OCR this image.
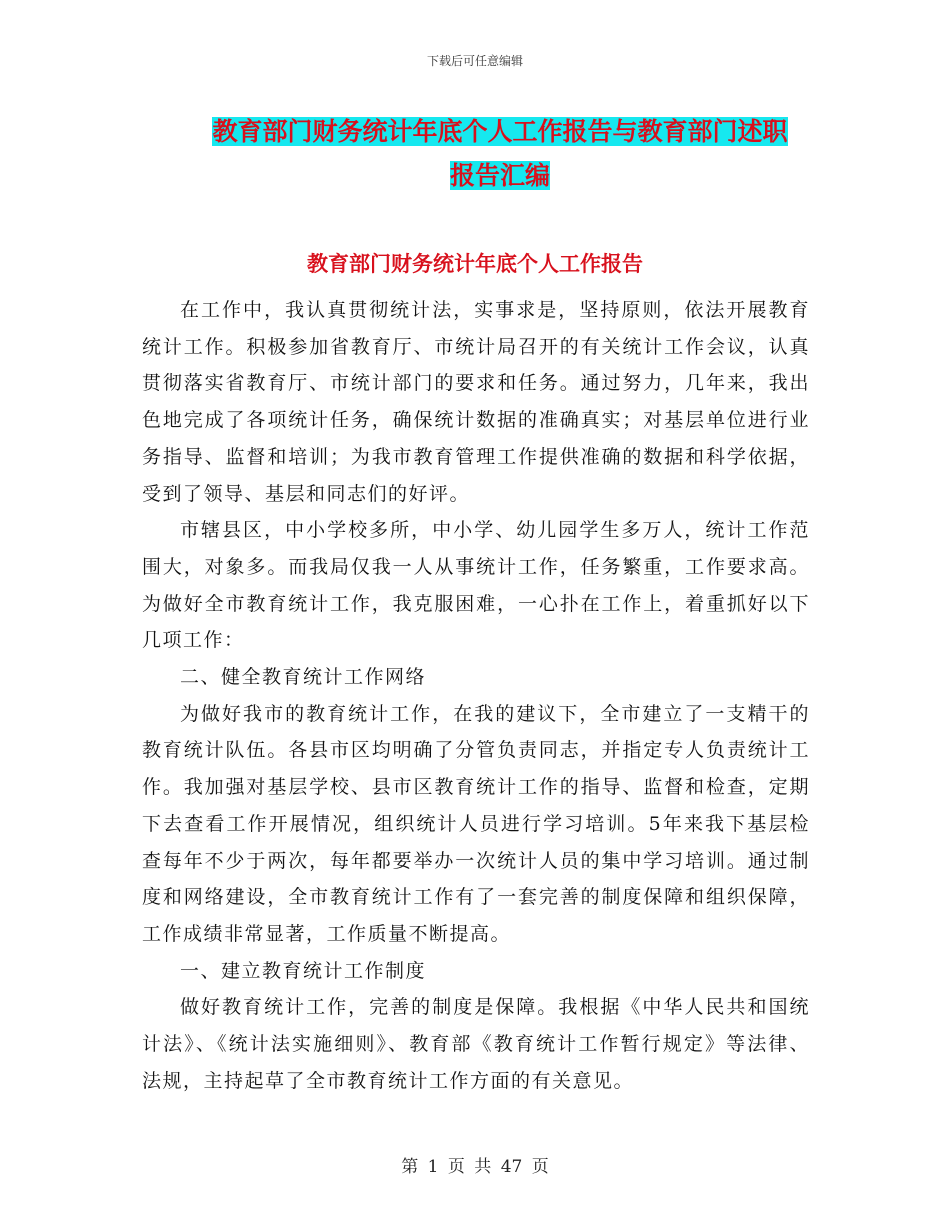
下载后可任意编辑
教育部门财务统计年底个人工作报告与教育部门述职
报告汇编
教育部门财务统计年底个人工作报告

在工作中，我认真贯彻统计法，实事求是，坚持原则，依法开展教育统计工作。积极参加省教育厅、市统计局召开的有关统计工作会议，认真贯彻落实省教育厅、市统计部门的要求和任务。通过努力，几年来，我出色地完成了各项统计任务，确保统计数据的准确真实；对基层单位进行业务指导、监督和培训；为我市教育管理工作提供准确的数据和科学依据，受到了领导、基层和同志们的好评。

市辖县区，中小学校多所，中小学、幼儿园学生多万人，统计工作范围大，对象多。而我局仅我一人从事统计工作，任务繁重，工作要求高。为做好全市教育统计工作，我克服困难，一心扑在工作上，着重抓好以下几项工作：

二、健全教育统计工作网络

为做好我市的教育统计工作，在我的建议下，全市建立了一支精干的教育统计队伍。各县市区均明确了分管负责同志，并指定专人负责统计工作。我加强对基层学校、县市区教育统计工作的指导、监督和检查，定期下去查看工作开展情况，组织统计人员进行学习培训。5年来我下基层检查每年不少于两次，每年都要举办一次统计人员的集中学习培训。通过制度和网络建设，全市教育统计工作有了一套完善的制度保障和组织保障，工作成绩非常显著，工作质量不断提高。

一、建立教育统计工作制度

做好教育统计工作，完善的制度是保障。我根据《中华人民共和国统计法》、《统计法实施细则》、教育部《教育统计工作暂行规定》等法律、法规，主持起草了全市教育统计工作方面的有关意见。

第 1 页 共 47 页
